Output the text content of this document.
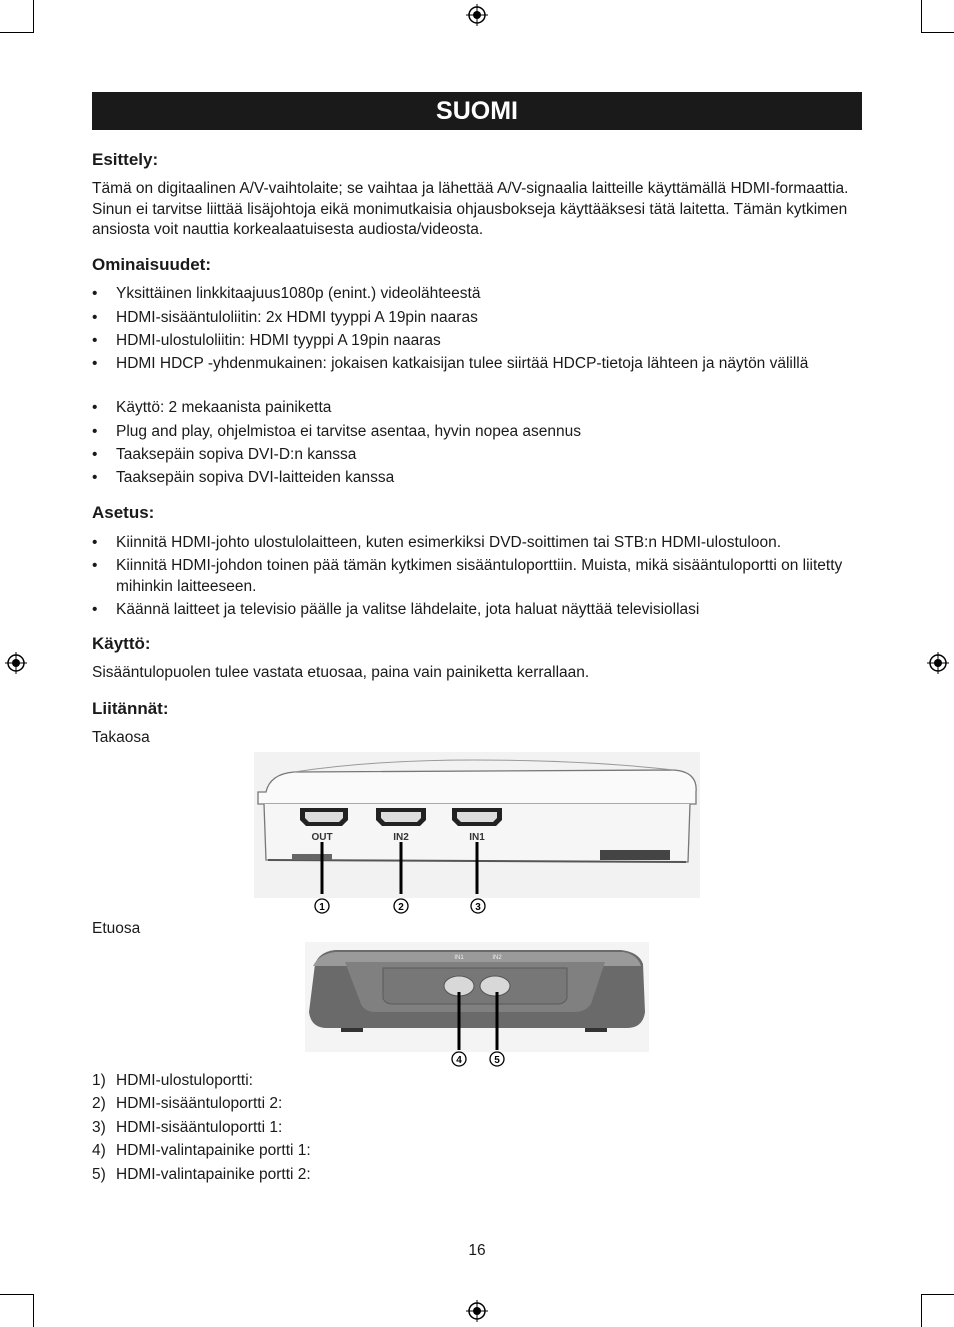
SUOMI
Esittely:
Tämä on digitaalinen A/V-vaihtolaite; se vaihtaa ja lähettää A/V-signaalia laitteille käyttämällä HDMI-formaattia. Sinun ei tarvitse liittää lisäjohtoja eikä monimutkaisia ohjausbokseja käyttääksesi tätä laitetta. Tämän kytkimen ansiosta voit nauttia korkealaatuisesta audiosta/videosta.
Ominaisuudet:
• Yksittäinen linkkitaajuus1080p (enint.) videolähteestä
• HDMI-sisääntuloliitin: 2x HDMI tyyppi A 19pin naaras
• HDMI-ulostuloliitin: HDMI tyyppi A 19pin naaras
• HDMI HDCP -yhdenmukainen: jokaisen katkaisijan tulee siirtää HDCP-tietoja lähteen ja näytön välillä
• Käyttö: 2 mekaanista painiketta
• Plug and play, ohjelmistoa ei tarvitse asentaa, hyvin nopea asennus
• Taaksepäin sopiva DVI-D:n kanssa
• Taaksepäin sopiva DVI-laitteiden kanssa
Asetus:
• Kiinnitä HDMI-johto ulostulolaitteen, kuten esimerkiksi DVD-soittimen tai STB:n HDMI-ulostuloon.
• Kiinnitä HDMI-johdon toinen pää tämän kytkimen sisääntuloporttiin. Muista, mikä sisääntuloportti on liitetty mihinkin laitteeseen.
• Käännä laitteet ja televisio päälle ja valitse lähdelaite, jota haluat näyttää televisiollasi
Käyttö:
Sisääntulopuolen tulee vastata etuosaa, paina vain painiketta kerrallaan.
Liitännät:
Takaosa
OUT	IN2	IN1
1	2	3
Etuosa
IN1	IN2
4	5
1) HDMI-ulostuloportti:
2) HDMI-sisääntuloportti 2:
3) HDMI-sisääntuloportti 1:
4) HDMI-valintapainike portti 1:
5) HDMI-valintapainike portti 2:
16
